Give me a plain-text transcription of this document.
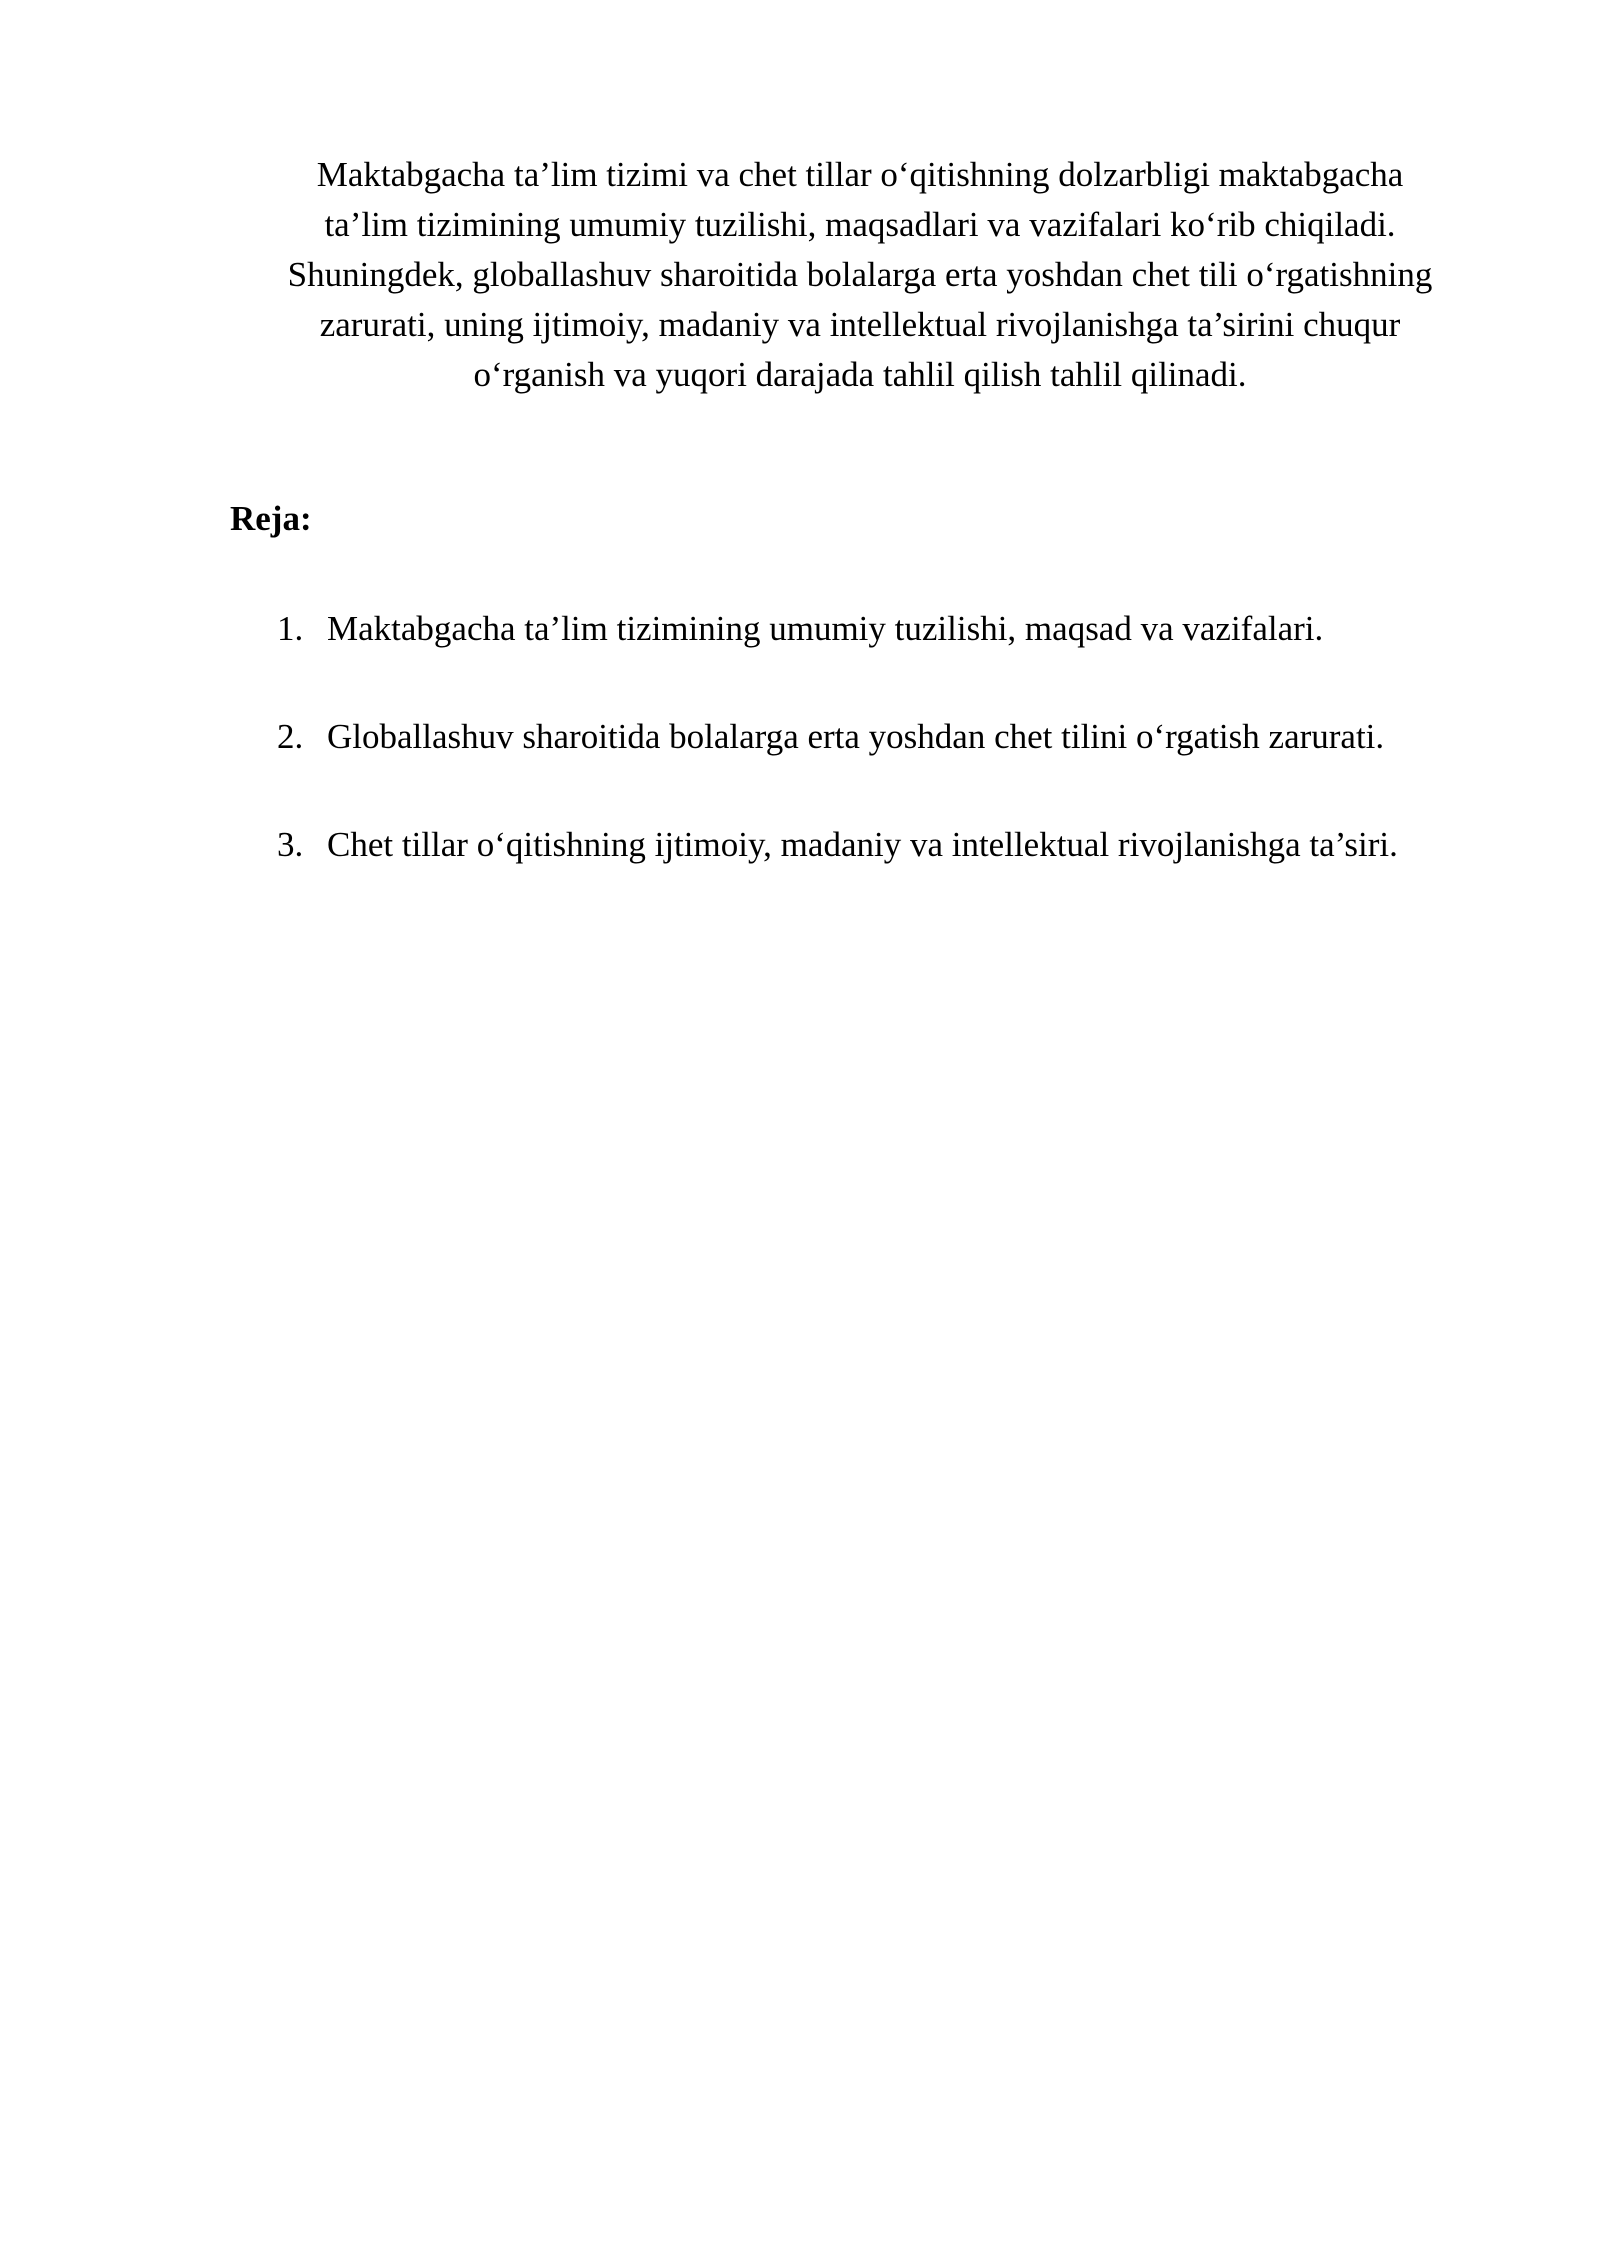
Maktabgacha ta’lim tizimi va chet tillar o‘qitishning dolzarbligi maktabgacha
ta’lim tizimining umumiy tuzilishi, maqsadlari va vazifalari ko‘rib chiqiladi.
Shuningdek, globallashuv sharoitida bolalarga erta yoshdan chet tili o‘rgatishning
zarurati, uning ijtimoiy, madaniy va intellektual rivojlanishga ta’sirini chuqur
o‘rganish va yuqori darajada tahlil qilish tahlil qilinadi.

Reja:
1. Maktabgacha ta’lim tizimining umumiy tuzilishi, maqsad va vazifalari.
2. Globallashuv sharoitida bolalarga erta yoshdan chet tilini o‘rgatish zarurati.
3. Chet tillar o‘qitishning ijtimoiy, madaniy va intellektual rivojlanishga ta’siri.
